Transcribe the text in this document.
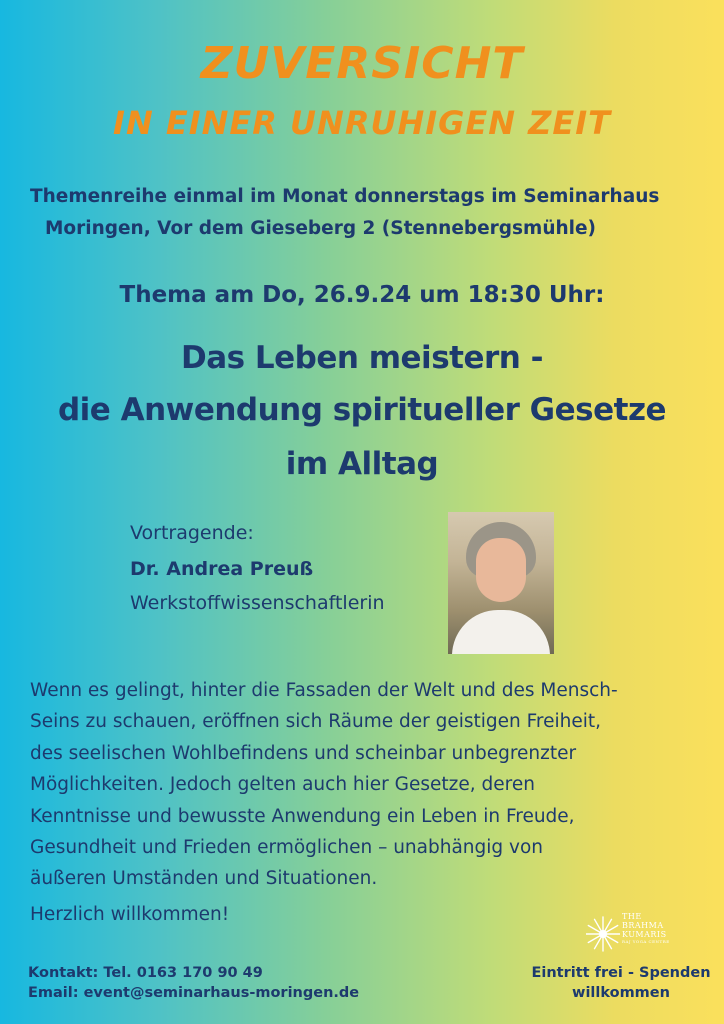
ZUVERSICHT
IN EINER UNRUHIGEN ZEIT
Themenreihe einmal im Monat donnerstags im Seminarhaus
Moringen, Vor dem Gieseberg 2 (Stennebergsmühle)
Thema am Do, 26.9.24 um 18:30 Uhr:
Das Leben meistern -
die Anwendung spiritueller Gesetze
im Alltag
Vortragende:
Dr. Andrea Preuß
Werkstoffwissenschaftlerin
Wenn es gelingt, hinter die Fassaden der Welt und des Mensch-
Seins zu schauen, eröffnen sich Räume der geistigen Freiheit,
des seelischen Wohlbefindens und scheinbar unbegrenzter
Möglichkeiten. Jedoch gelten auch hier Gesetze, deren
Kenntnisse und bewusste Anwendung ein Leben in Freude,
Gesundheit und Frieden ermöglichen – unabhängig von
äußeren Umständen und Situationen.
Herzlich willkommen!	THE
BRAHMA
KUMARIS
RAJ YOGA CENTRE
Kontakt: Tel. 0163 170 90 49
Email: event@seminarhaus-moringen.de
Eintritt frei - Spenden
willkommen
